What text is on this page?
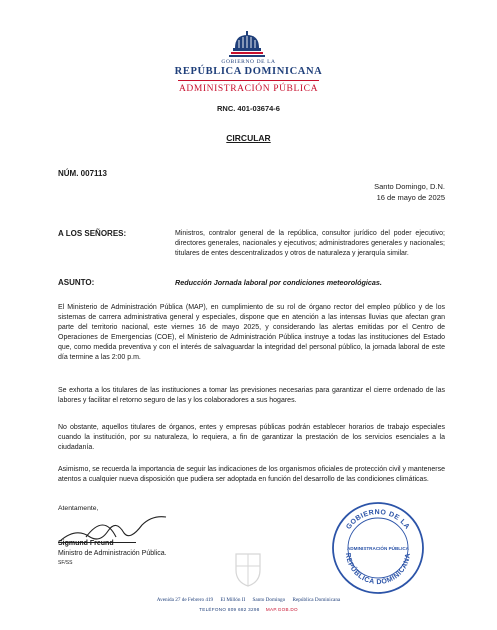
GOBIERNO DE LA
REPÚBLICA DOMINICANA
ADMINISTRACIÓN PÚBLICA
RNC. 401-03674-6
CIRCULAR
NÚM. 007113
Santo Domingo, D.N.
16 de mayo de 2025
A LOS SEÑORES:	Ministros, contralor general de la república, consultor jurídico del poder ejecutivo; directores generales, nacionales y ejecutivos; administradores generales y nacionales; titulares de entes descentralizados y otros de naturaleza y jerarquía similar.
ASUNTO:	Reducción Jornada laboral por condiciones meteorológicas.
El Ministerio de Administración Pública (MAP), en cumplimiento de su rol de órgano rector del empleo público y de los sistemas de carrera administrativa general y especiales, dispone que en atención a las intensas lluvias que afectan gran parte del territorio nacional, este viernes 16 de mayo 2025, y considerando las alertas emitidas por el Centro de Operaciones de Emergencias (COE), el Ministerio de Administración Pública instruye a todas las instituciones del Estado que, como medida preventiva y con el interés de salvaguardar la integridad del personal público, la jornada laboral de este día termine a las 2:00 p.m.
Se exhorta a los titulares de las instituciones a tomar las previsiones necesarias para garantizar el cierre ordenado de las labores y facilitar el retorno seguro de las y los colaboradores a sus hogares.
No obstante, aquellos titulares de órganos, entes y empresas públicas podrán establecer horarios de trabajo especiales cuando la institución, por su naturaleza, lo requiera, a fin de garantizar la prestación de los servicios esenciales a la ciudadanía.
Asimismo, se recuerda la importancia de seguir las indicaciones de los organismos oficiales de protección civil y mantenerse atentos a cualquier nueva disposición que pudiera ser adoptada en función del desarrollo de las condiciones climáticas.
Atentamente,
Sigmund Freund
Ministro de Administración Pública.
SF/SS
GOBIERNO DE LA
ADMINISTRACIÓN PÚBLICA
REPÚBLICA DOMINICANA
Avenida 27 de Febrero 419 El Millón II Santo Domingo República Dominicana
TELÉFONO 809 682 3298 MAP.GOB.DO
